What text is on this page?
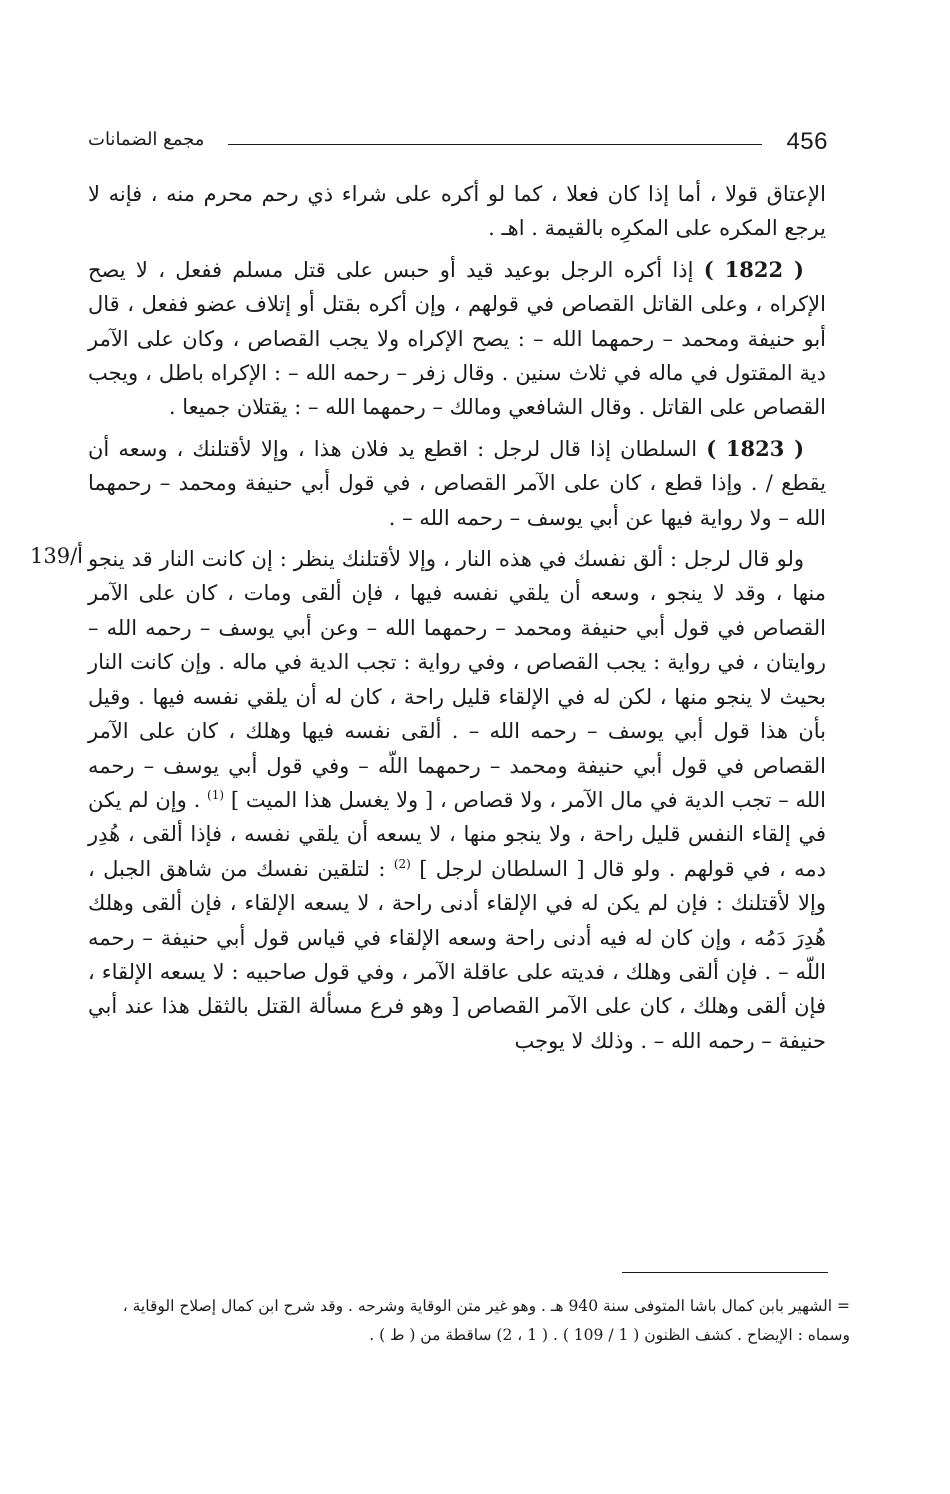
456
مجمع الضمانات
139/أ

الإعتاق قولا ، أما إذا كان فعلا ، كما لو أكره على شراء ذي رحم محرم منه ، فإنه لا يرجع المكره على المكرِه بالقيمة . اهـ .

( 1822 ) إذا أكره الرجل بوعيد قيد أو حبس على قتل مسلم ففعل ، لا يصح الإكراه ، وعلى القاتل القصاص في قولهم ، وإن أكره بقتل أو إتلاف عضو ففعل ، قال أبو حنيفة ومحمد – رحمهما الله – : يصح الإكراه ولا يجب القصاص ، وكان على الآمر دية المقتول في ماله في ثلاث سنين . وقال زفر – رحمه الله – : الإكراه باطل ، ويجب القصاص على القاتل . وقال الشافعي ومالك – رحمهما الله – : يقتلان جميعا .

( 1823 ) السلطان إذا قال لرجل : اقطع يد فلان هذا ، وإلا لأقتلنك ، وسعه أن يقطع / . وإذا قطع ، كان على الآمر القصاص ، في قول أبي حنيفة ومحمد – رحمهما الله – ولا رواية فيها عن أبي يوسف – رحمه الله – .

ولو قال لرجل : ألق نفسك في هذه النار ، وإلا لأقتلنك ينظر : إن كانت النار قد ينجو منها ، وقد لا ينجو ، وسعه أن يلقي نفسه فيها ، فإن ألقى ومات ، كان على الآمر القصاص في قول أبي حنيفة ومحمد – رحمهما الله – وعن أبي يوسف – رحمه الله – روايتان ، في رواية : يجب القصاص ، وفي رواية : تجب الدية في ماله . وإن كانت النار بحيث لا ينجو منها ، لكن له في الإلقاء قليل راحة ، كان له أن يلقي نفسه فيها . وقيل بأن هذا قول أبي يوسف – رحمه الله – . ألقى نفسه فيها وهلك ، كان على الآمر القصاص في قول أبي حنيفة ومحمد – رحمهما اللّه – وفي قول أبي يوسف – رحمه الله – تجب الدية في مال الآمر ، ولا قصاص ، [ ولا يغسل هذا الميت ] $^{(1)}$ . وإن لم يكن في إلقاء النفس قليل راحة ، ولا ينجو منها ، لا يسعه أن يلقي نفسه ، فإذا ألقى ، هُدِر دمه ، في قولهم . ولو قال [ السلطان لرجل ] $^{(2)}$ : لتلقين نفسك من شاهق الجبل ، وإلا لأقتلنك : فإن لم يكن له في الإلقاء أدنى راحة ، لا يسعه الإلقاء ، فإن ألقى وهلك هُدِرَ دَمُه ، وإن كان له فيه أدنى راحة وسعه الإلقاء في قياس قول أبي حنيفة – رحمه اللّه – . فإن ألقى وهلك ، فديته على عاقلة الآمر ، وفي قول صاحبيه : لا يسعه الإلقاء ، فإن ألقى وهلك ، كان على الآمر القصاص [ وهو فرع مسألة القتل بالثقل هذا عند أبي حنيفة – رحمه الله – . وذلك لا يوجب

= الشهير بابن كمال باشا المتوفى سنة 940 هـ . وهو غير متن الوقاية وشرحه . وقد شرح ابن كمال إصلاح الوقاية ،
وسماه : الإيضاح . كشف الظنون ( 1 / 109 ) . ( 1 ، 2) ساقطة من ( ط ) .
